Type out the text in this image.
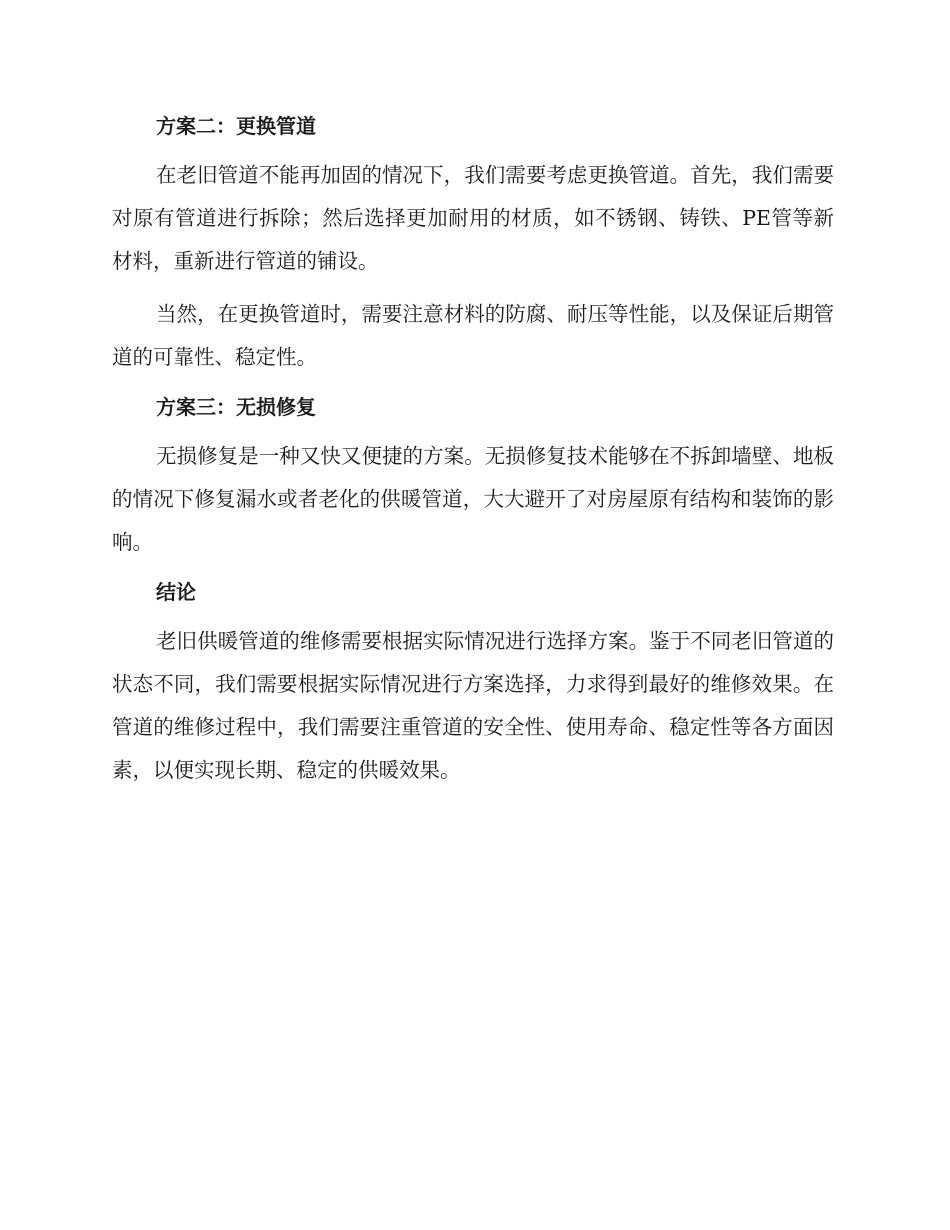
方案二：更换管道

在老旧管道不能再加固的情况下，我们需要考虑更换管道。首先，我们需要对原有管道进行拆除；然后选择更加耐用的材质，如不锈钢、铸铁、PE管等新材料，重新进行管道的铺设。

当然，在更换管道时，需要注意材料的防腐、耐压等性能，以及保证后期管道的可靠性、稳定性。

方案三：无损修复

无损修复是一种又快又便捷的方案。无损修复技术能够在不拆卸墙壁、地板的情况下修复漏水或者老化的供暖管道，大大避开了对房屋原有结构和装饰的影响。

结论

老旧供暖管道的维修需要根据实际情况进行选择方案。鉴于不同老旧管道的状态不同，我们需要根据实际情况进行方案选择，力求得到最好的维修效果。在管道的维修过程中，我们需要注重管道的安全性、使用寿命、稳定性等各方面因素，以便实现长期、稳定的供暖效果。
